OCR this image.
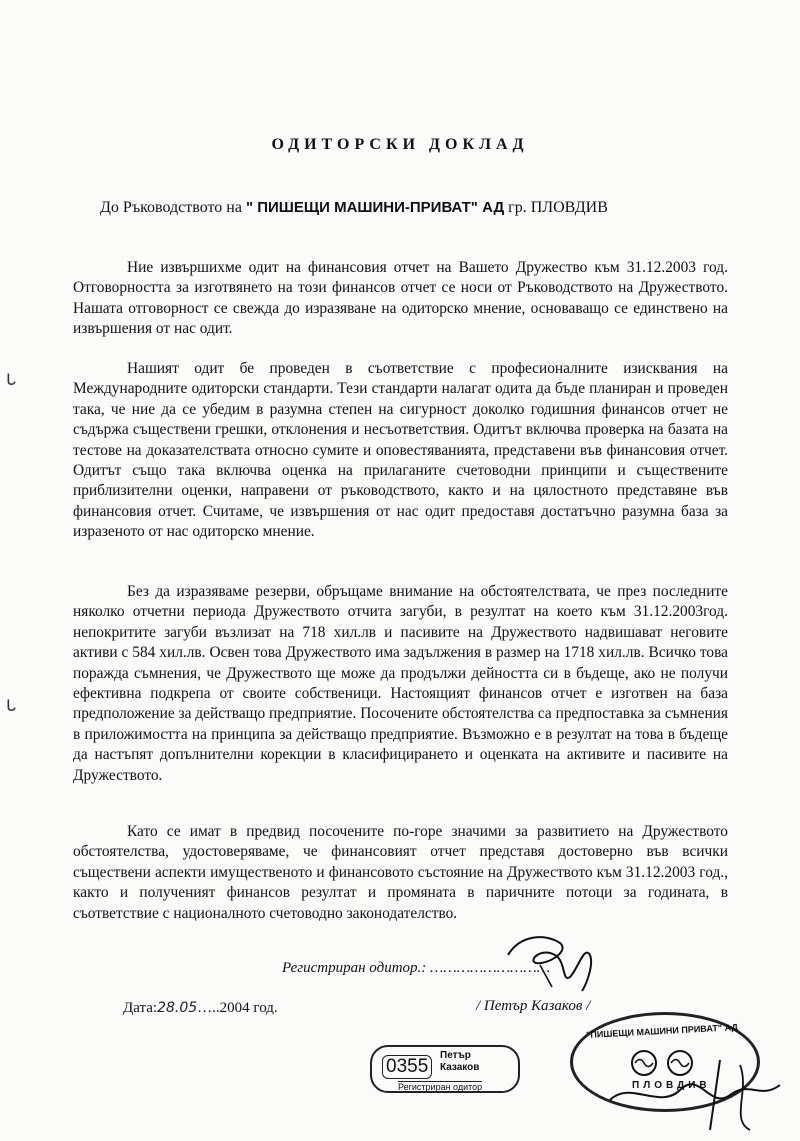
ᒐ
ᒐ
ОДИТОРСКИ ДОКЛАД
До Ръководството на " ПИШЕЩИ МАШИНИ-ПРИВАТ" АД гр. ПЛОВДИВ

Ние извършихме одит на финансовия отчет на Вашето Дружество към 31.12.2003 год. Отговорността за изготвянето на този финансов отчет се носи от Ръководството на Дружеството. Нашата отговорност се свежда до изразяване на одиторско мнение, основаващо се единствено на извършения от нас одит.

Нашият одит бе проведен в съответствие с професионалните изисквания на Международните одиторски стандарти. Тези стандарти налагат одита да бъде планиран и проведен така, че ние да се убедим в разумна степен на сигурност доколко годишния финансов отчет не съдържа съществени грешки, отклонения и несъответствия. Одитът включва проверка на базата на тестове на доказателствата относно сумите и оповестяванията, представени във финансовия отчет. Одитът също така включва оценка на прилаганите счетоводни принципи и съществените приблизителни оценки, направени от ръководството, както и на цялостното представяне във финансовия отчет. Считаме, че извършения от нас одит предоставя достатъчно разумна база за изразеното от нас одиторско мнение.

Без да изразяваме резерви, обръщаме внимание на обстоятелствата, че през последните няколко отчетни периода Дружеството отчита загуби, в резултат на което към 31.12.2003год. непокритите загуби възлизат на 718 хил.лв и пасивите на Дружеството надвишават неговите активи с 584 хил.лв. Освен това Дружеството има задължения в размер на 1718 хил.лв. Всичко това поражда съмнения, че Дружеството ще може да продължи дейността си в бъдеще, ако не получи ефективна подкрепа от своите собственици. Настоящият финансов отчет е изготвен на база предположение за действащо предприятие. Посочените обстоятелства са предпоставка за съмнения в приложимостта на принципа за действащо предприятие. Възможно е в резултат на това в бъдеще да настъпят допълнителни корекции в класифицирането и оценката на активите и пасивите на Дружеството.

Като се имат в предвид посочените по-горе значими за развитието на Дружеството обстоятелства, удостоверяваме, че финансовият отчет представя достоверно във всички съществени аспекти имущественото и финансовото състояние на Дружеството към 31.12.2003 год., както и полученият финансов резултат и промяната в паричните потоци за годината, в съответствие с националното счетоводно законодателство.

Регистриран одитор.: ………………………
Дата:28.05…..2004 год.	/ Петър Казаков /
0355
Петър
Казаков
Регистриран одитор
"ПИШЕЩИ МАШИНИ ПРИВАТ" АД
ПЛОВДИВ
